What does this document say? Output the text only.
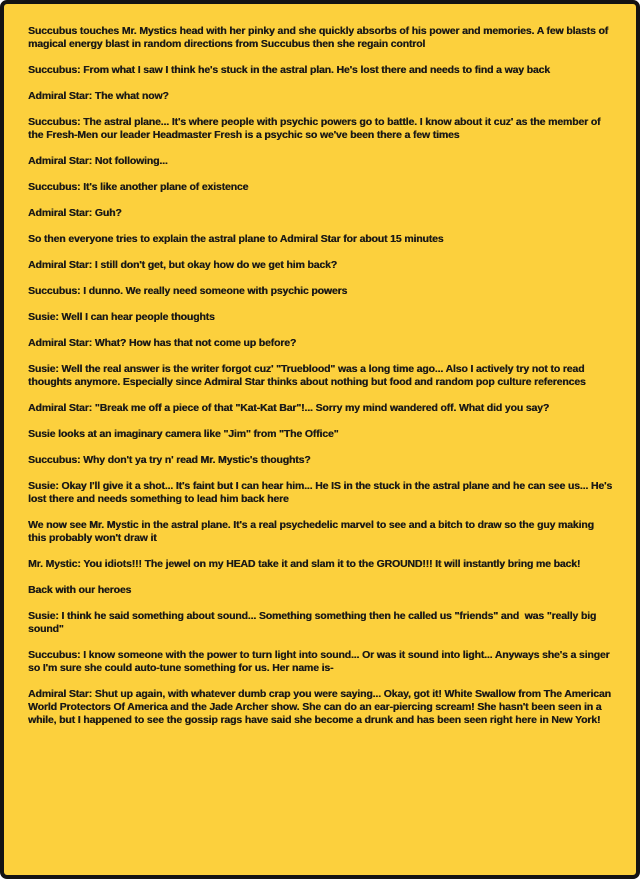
Succubus touches Mr. Mystics head with her pinky and she quickly absorbs of his power and memories. A few blasts of magical energy blast in random directions from Succubus then she regain control

Succubus: From what I saw I think he's stuck in the astral plan. He's lost there and needs to find a way back

Admiral Star: The what now?

Succubus: The astral plane... It's where people with psychic powers go to battle. I know about it cuz' as the member of the Fresh-Men our leader Headmaster Fresh is a psychic so we've been there a few times

Admiral Star: Not following...

Succubus: It's like another plane of existence

Admiral Star: Guh?

So then everyone tries to explain the astral plane to Admiral Star for about 15 minutes

Admiral Star: I still don't get, but okay how do we get him back?

Succubus: I dunno. We really need someone with psychic powers

Susie: Well I can hear people thoughts

Admiral Star: What? How has that not come up before?

Susie: Well the real answer is the writer forgot cuz' "Trueblood" was a long time ago... Also I actively try not to read thoughts anymore. Especially since Admiral Star thinks about nothing but food and random pop culture references

Admiral Star: "Break me off a piece of that "Kat-Kat Bar"!... Sorry my mind wandered off. What did you say?

Susie looks at an imaginary camera like "Jim" from "The Office"

Succubus: Why don't ya try n' read Mr. Mystic's thoughts?

Susie: Okay I'll give it a shot... It's faint but I can hear him... He IS in the stuck in the astral plane and he can see us... He's lost there and needs something to lead him back here

We now see Mr. Mystic in the astral plane. It's a real psychedelic marvel to see and a bitch to draw so the guy making this probably won't draw it

Mr. Mystic: You idiots!!! The jewel on my HEAD take it and slam it to the GROUND!!! It will instantly bring me back!

Back with our heroes

Susie: I think he said something about sound... Something something then he called us "friends" and  was "really big sound"

Succubus: I know someone with the power to turn light into sound... Or was it sound into light... Anyways she's a singer so I'm sure she could auto-tune something for us. Her name is-

Admiral Star: Shut up again, with whatever dumb crap you were saying... Okay, got it! White Swallow from The American World Protectors Of America and the Jade Archer show. She can do an ear-piercing scream! She hasn't been seen in a while, but I happened to see the gossip rags have said she become a drunk and has been seen right here in New York!
